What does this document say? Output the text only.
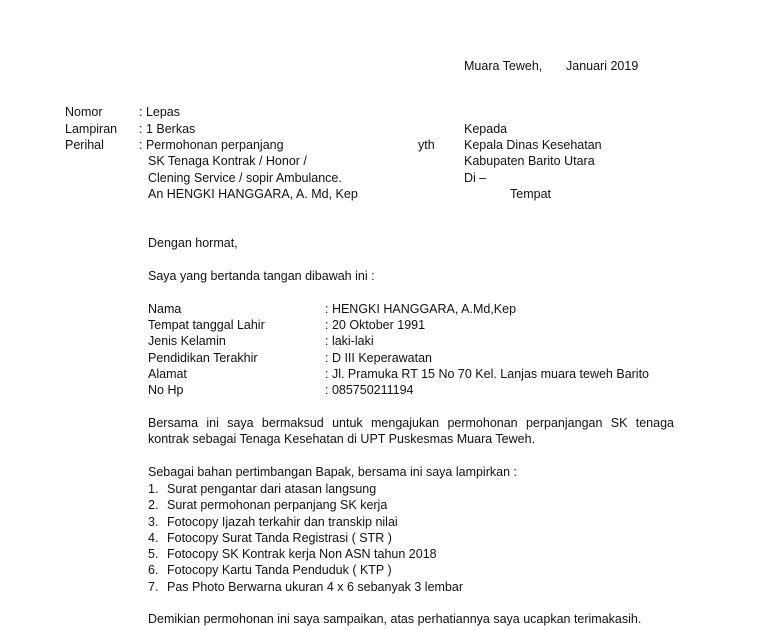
Muara Teweh, Januari 2019
Nomor	: Lepas
Lampiran : 1 Berkas
Perihal	: Permohonan perpanjang
SK Tenaga Kontrak / Honor /
Clening Service / sopir Ambulance.
An HENGKI HANGGARA, A. Md, Kep
yth
Kepada
Kepala Dinas Kesehatan
Kabupaten Barito Utara
Di –
Tempat
Dengan hormat,
Saya yang bertanda tangan dibawah ini :
Nama	: HENGKI HANGGARA, A.Md,Kep
Tempat tanggal Lahir	: 20 Oktober 1991
Jenis Kelamin	: laki-laki
Pendidikan Terakhir	: D III Keperawatan
Alamat	: Jl. Pramuka RT 15 No 70 Kel. Lanjas muara teweh Barito
No Hp	: 085750211194
Bersama ini saya bermaksud untuk mengajukan permohonan perpanjangan SK tenaga kontrak sebagai Tenaga Kesehatan di UPT Puskesmas Muara Teweh.
Sebagai bahan pertimbangan Bapak, bersama ini saya lampirkan :
1. Surat pengantar dari atasan langsung
2. Surat permohonan perpanjang SK kerja
3. Fotocopy Ijazah terkahir dan transkip nilai
4. Fotocopy Surat Tanda Registrasi ( STR )
5. Fotocopy SK Kontrak kerja Non ASN tahun 2018
6. Fotocopy Kartu Tanda Penduduk ( KTP )
7. Pas Photo Berwarna ukuran 4 x 6 sebanyak 3 lembar
Demikian permohonan ini saya sampaikan, atas perhatiannya saya ucapkan terimakasih.
